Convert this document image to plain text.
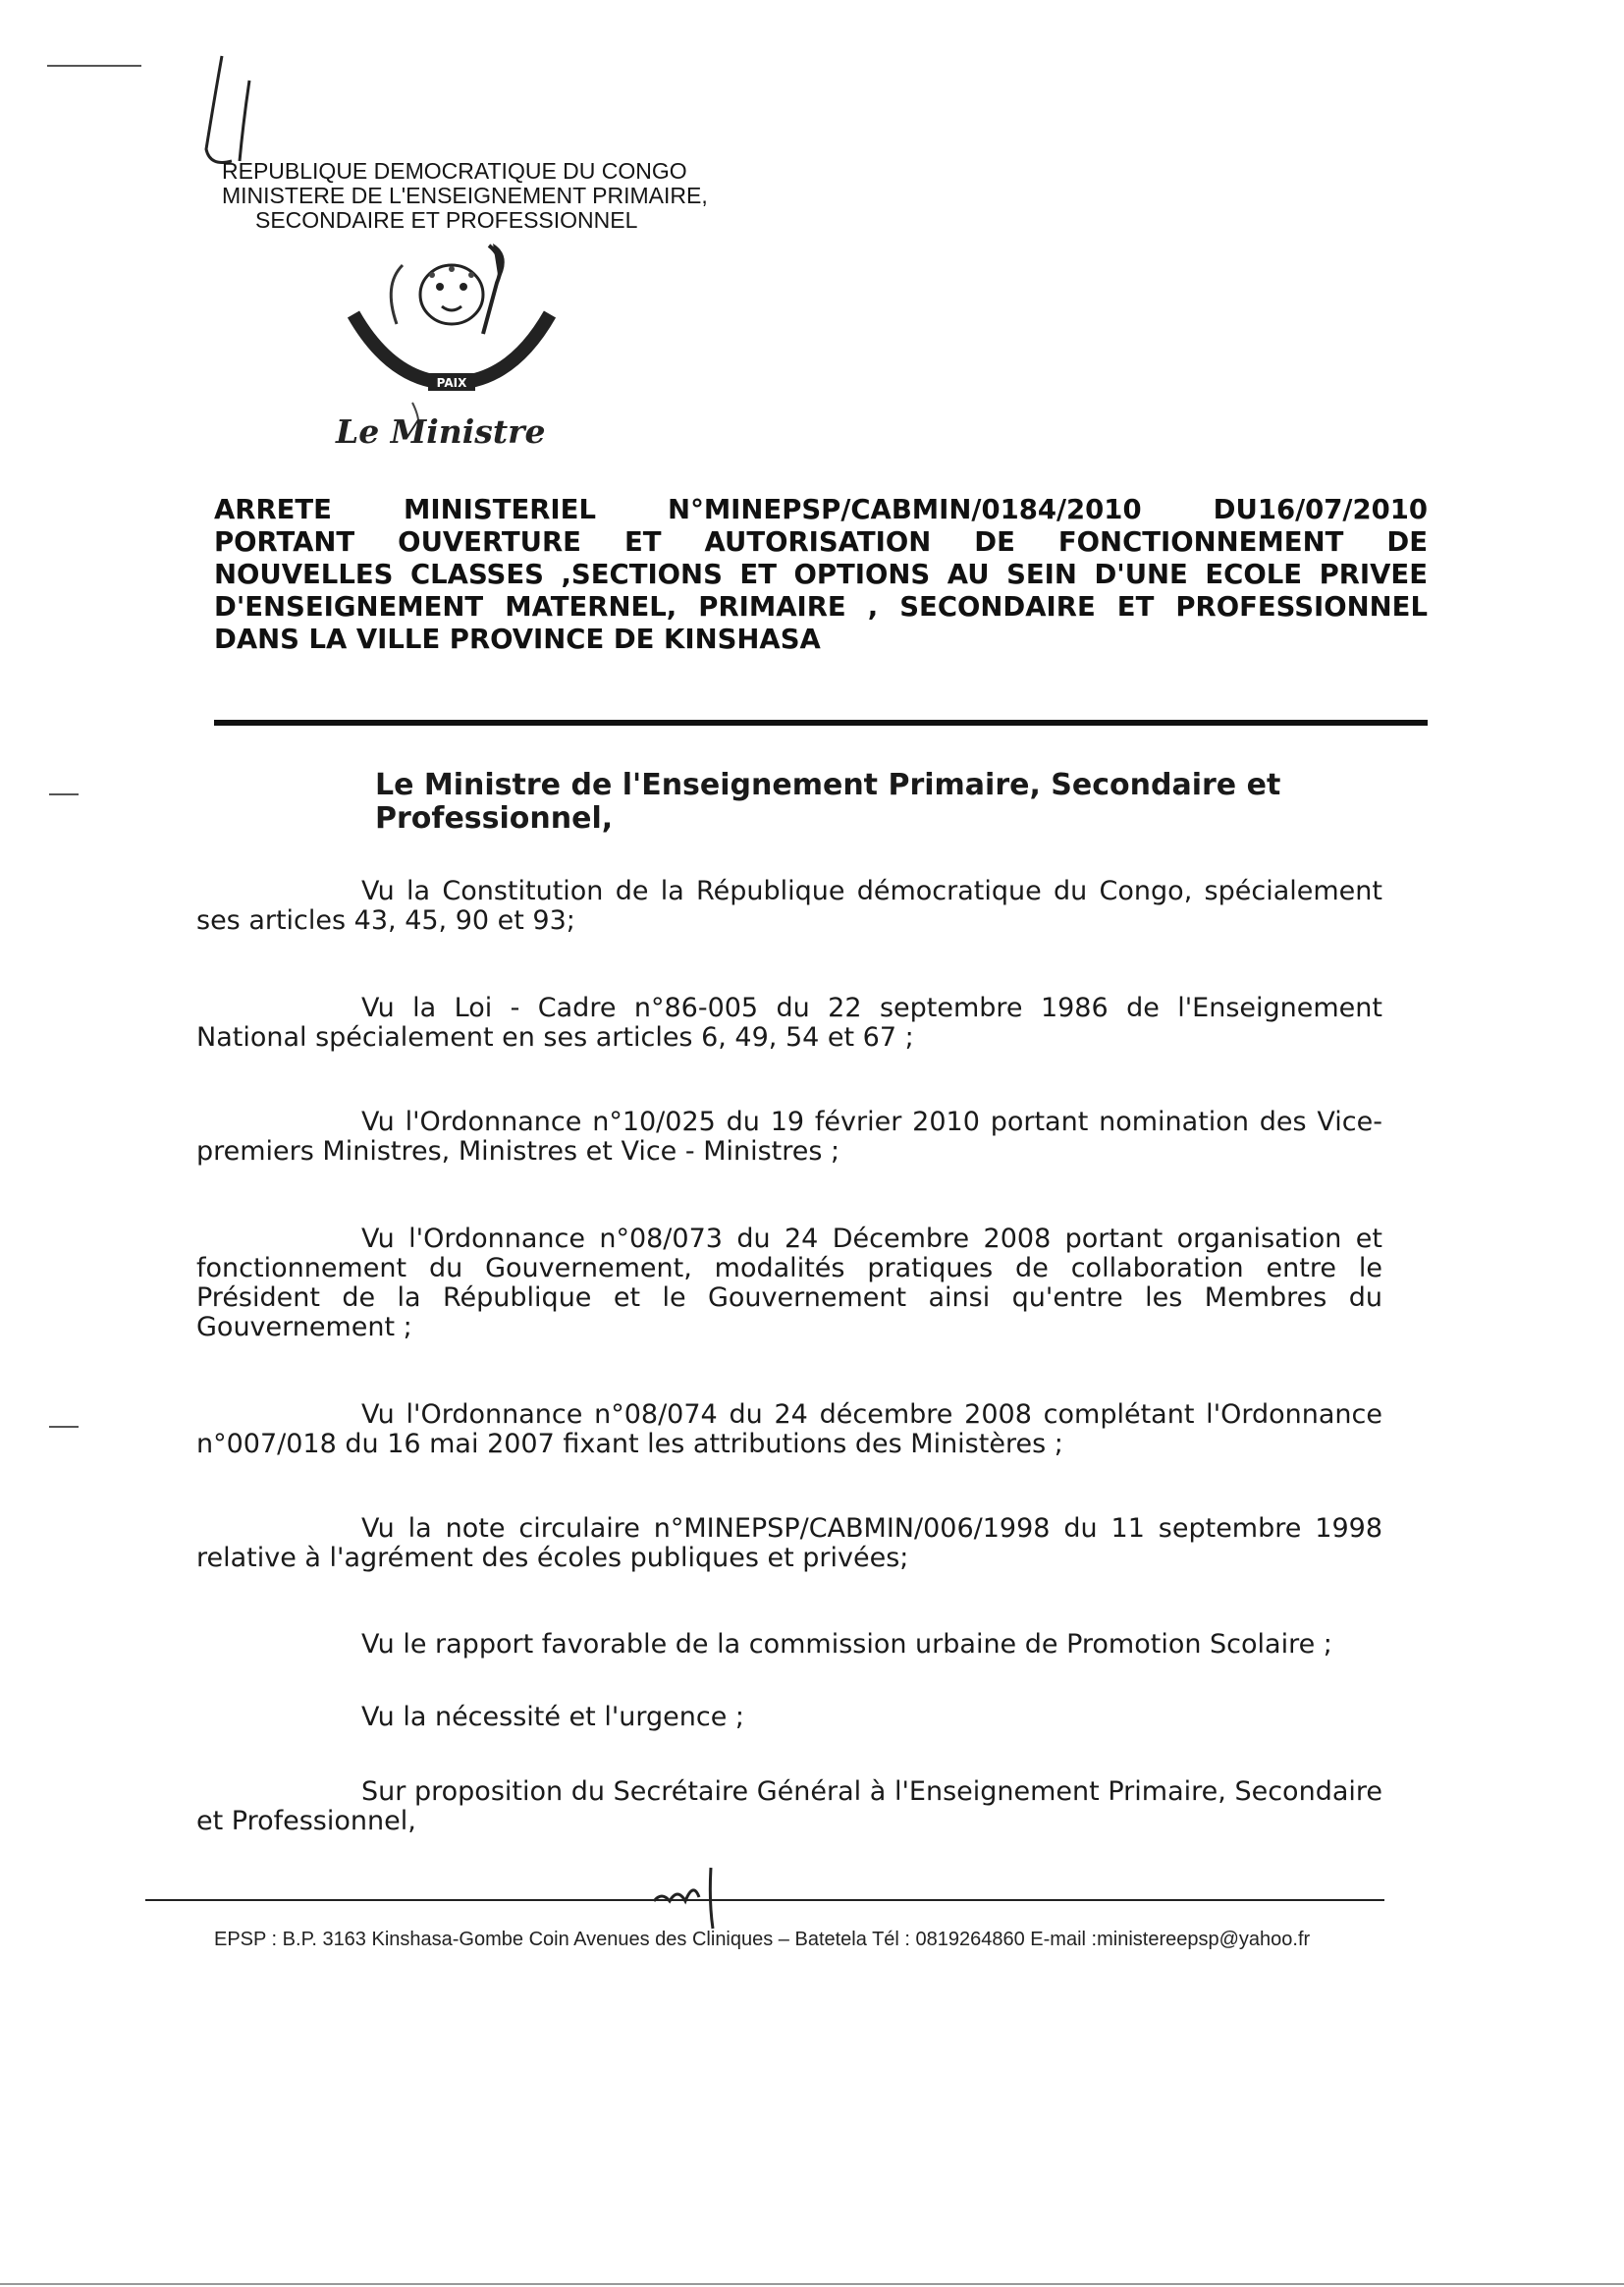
REPUBLIQUE DEMOCRATIQUE DU CONGO
MINISTERE DE L'ENSEIGNEMENT PRIMAIRE,
SECONDAIRE ET PROFESSIONNEL
PAIX
Le Ministre
ARRETE MINISTERIEL N°MINEPSP/CABMIN/0184/2010 DU16/07/2010
PORTANT OUVERTURE ET AUTORISATION DE FONCTIONNEMENT DE
NOUVELLES CLASSES ,SECTIONS ET OPTIONS AU SEIN D'UNE ECOLE PRIVEE
D'ENSEIGNEMENT MATERNEL, PRIMAIRE , SECONDAIRE ET PROFESSIONNEL
DANS LA VILLE PROVINCE DE KINSHASA
Le Ministre de l'Enseignement Primaire, Secondaire et Professionnel,
Vu la Constitution de la République démocratique du Congo, spécialement ses articles 43, 45, 90 et 93;
Vu la Loi - Cadre n°86-005 du 22 septembre 1986 de l'Enseignement National spécialement en ses articles 6, 49, 54 et 67 ;
Vu l'Ordonnance n°10/025 du 19 février 2010 portant nomination des Vice-premiers Ministres, Ministres et Vice - Ministres ;
Vu l'Ordonnance n°08/073 du 24 Décembre 2008 portant organisation et fonctionnement du Gouvernement, modalités pratiques de collaboration entre le Président de la République et le Gouvernement ainsi qu'entre les Membres du Gouvernement ;
Vu l'Ordonnance n°08/074 du 24 décembre 2008 complétant l'Ordonnance n°007/018 du 16 mai 2007 fixant les attributions des Ministères ;
Vu la note circulaire n°MINEPSP/CABMIN/006/1998 du 11 septembre 1998 relative à l'agrément des écoles publiques et privées;
Vu le rapport favorable de la commission urbaine de Promotion Scolaire ;
Vu la nécessité et l'urgence ;
Sur proposition du Secrétaire Général à l'Enseignement Primaire, Secondaire et Professionnel,
EPSP : B.P. 3163 Kinshasa-Gombe Coin Avenues des Cliniques – Batetela Tél : 0819264860 E-mail :ministereepsp@yahoo.fr
